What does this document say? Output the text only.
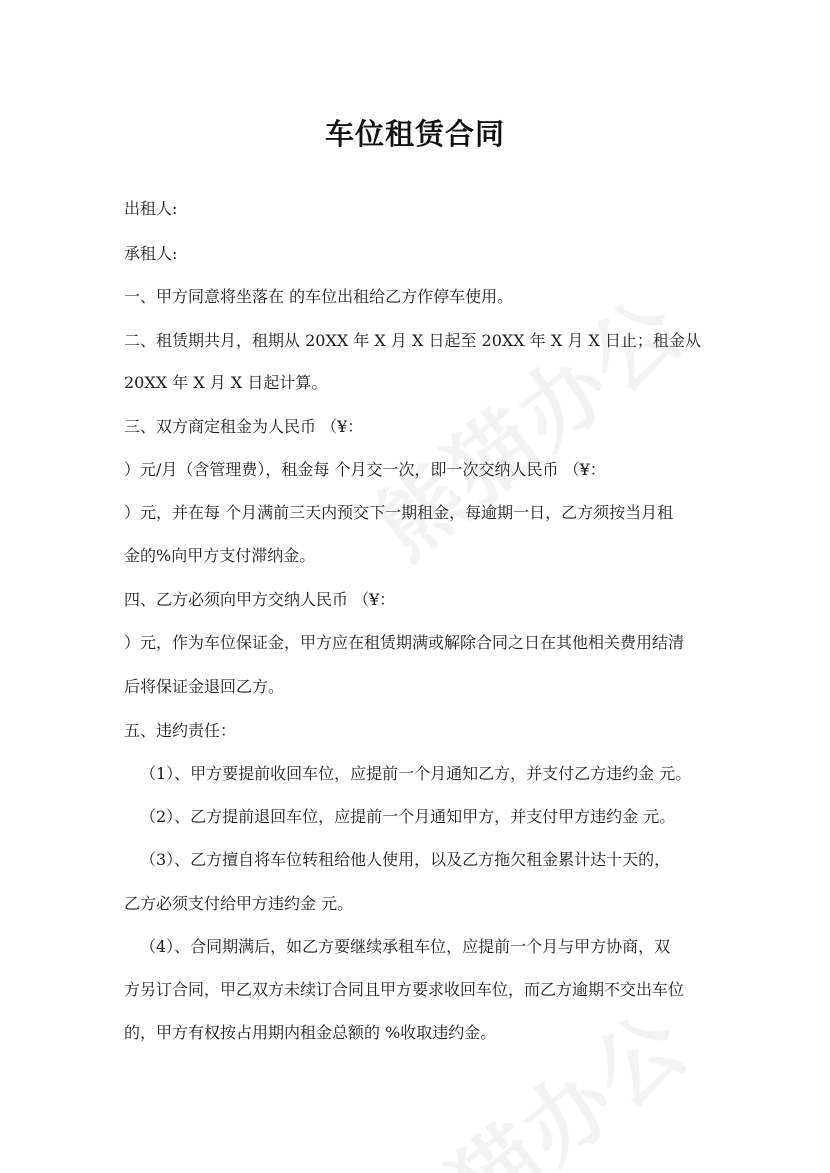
车位租赁合同
出租人:
承租人:
一、甲方同意将坐落在 的车位出租给乙方作停车使用。
二、租赁期共月，租期从 20XX 年 X 月 X 日起至 20XX 年 X 月 X 日止；租金从
20XX 年 X 月 X 日起计算。
三、双方商定租金为人民币 （¥：
）元/月（含管理费），租金每 个月交一次，即一次交纳人民币 （¥：
）元，并在每 个月满前三天内预交下一期租金，每逾期一日，乙方须按当月租
金的%向甲方支付滞纳金。
四、乙方必须向甲方交纳人民币 （¥：
）元，作为车位保证金，甲方应在租赁期满或解除合同之日在其他相关费用结清
后将保证金退回乙方。
五、违约责任：
（1）、甲方要提前收回车位，应提前一个月通知乙方，并支付乙方违约金 元。
（2）、乙方提前退回车位，应提前一个月通知甲方，并支付甲方违约金 元。
（3）、乙方擅自将车位转租给他人使用，以及乙方拖欠租金累计达十天的，
乙方必须支付给甲方违约金 元。
（4）、合同期满后，如乙方要继续承租车位，应提前一个月与甲方协商，双
方另订合同，甲乙双方未续订合同且甲方要求收回车位，而乙方逾期不交出车位
的，甲方有权按占用期内租金总额的 %收取违约金。
